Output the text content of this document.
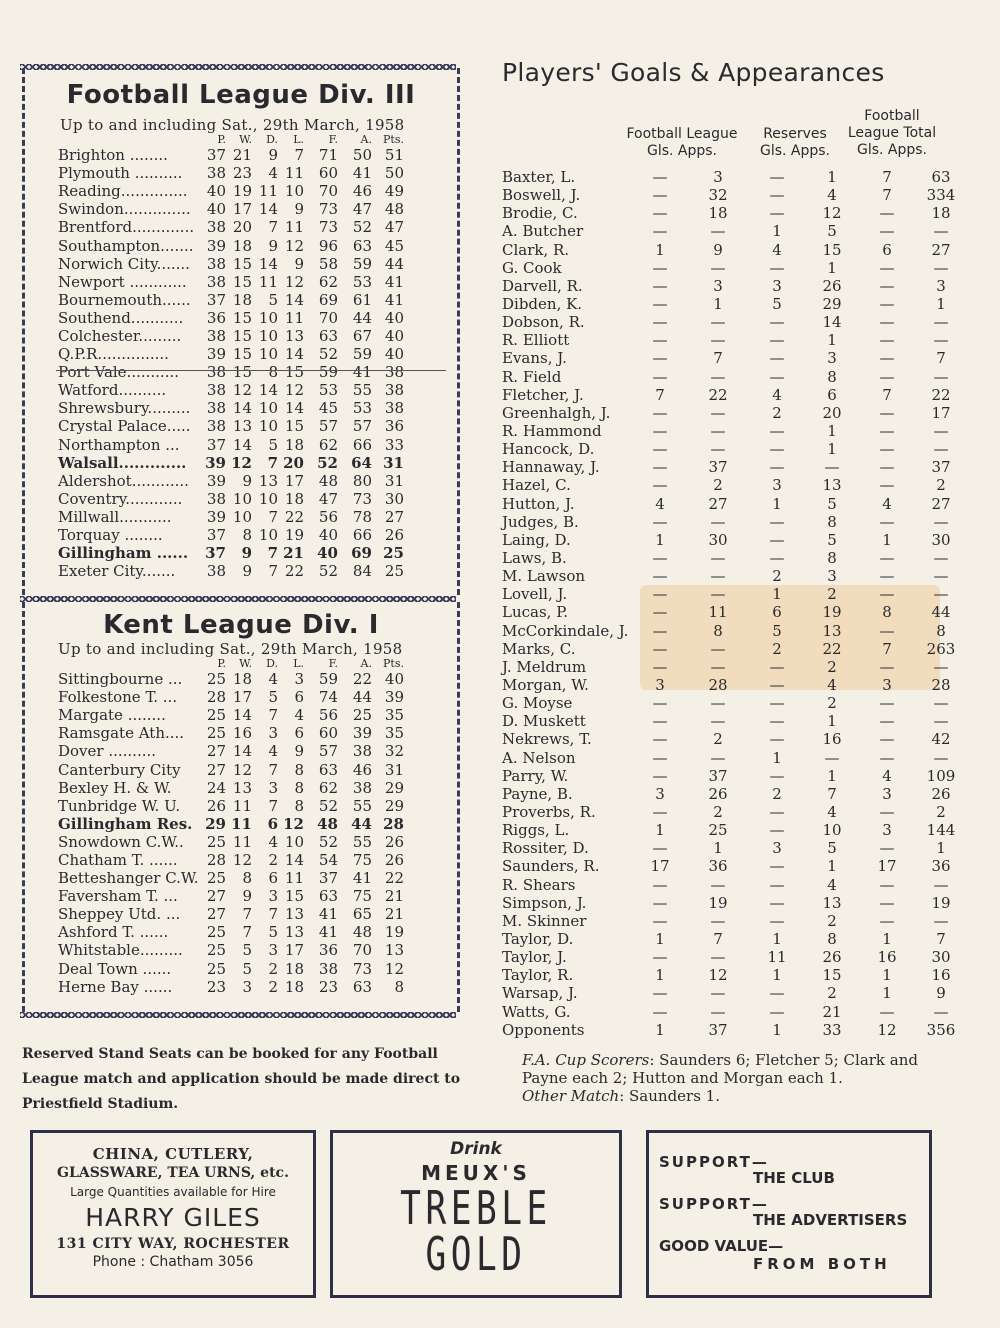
Football League Div. III
Up to and including Sat., 29th March, 1958
P.	W.	D.	L.	F.	A.	Pts.
Brighton ........	37	21	9	7	71	50	51
Plymouth ..........	38	23	4	11	60	41	50
Reading..............	40	19	11	10	70	46	49
Swindon..............	40	17	14	9	73	47	48
Brentford.............	38	20	7	11	73	52	47
Southampton.......	39	18	9	12	96	63	45
Norwich City.......	38	15	14	9	58	59	44
Newport ............	38	15	11	12	62	53	41
Bournemouth......	37	18	5	14	69	61	41
Southend...........	36	15	10	11	70	44	40
Colchester.........	38	15	10	13	63	67	40
Q.P.R...............	39	15	10	14	52	59	40
Port Vale...........	38	15	8	15	59	41	38
Watford..........	38	12	14	12	53	55	38
Shrewsbury.........	38	14	10	14	45	53	38
Crystal Palace.....	38	13	10	15	57	57	36
Northampton ...	37	14	5	18	62	66	33
Walsall.............	39	12	7	20	52	64	31
Aldershot............	39	9	13	17	48	80	31
Coventry............	38	10	10	18	47	73	30
Millwall...........	39	10	7	22	56	78	27
Torquay ........	37	8	10	19	40	66	26
Gillingham ......	37	9	7	21	40	69	25
Exeter City.......	38	9	7	22	52	84	25
Kent League Div. I
Up to and including Sat., 29th March, 1958
P.	W.	D.	L.	F.	A.	Pts.
Sittingbourne ...	25	18	4	3	59	22	40
Folkestone T. ...	28	17	5	6	74	44	39
Margate ........	25	14	7	4	56	25	35
Ramsgate Ath....	25	16	3	6	60	39	35
Dover ..........	27	14	4	9	57	38	32
Canterbury City	27	12	7	8	63	46	31
Bexley H. & W.	24	13	3	8	62	38	29
Tunbridge W. U.	26	11	7	8	52	55	29
Gillingham Res.	29	11	6	12	48	44	28
Snowdown C.W..	25	11	4	10	52	55	26
Chatham T. ......	28	12	2	14	54	75	26
Betteshanger C.W.	25	8	6	11	37	41	22
Faversham T. ...	27	9	3	15	63	75	21
Sheppey Utd. ...	27	7	7	13	41	65	21
Ashford T. ......	25	7	5	13	41	48	19
Whitstable.........	25	5	3	17	36	70	13
Deal Town ......	25	5	2	18	38	73	12
Herne Bay ......	23	3	2	18	23	63	8
Players' Goals & Appearances
Football League
Gls. Apps.
Reserves
Gls. Apps.
Football League Total
Gls. Apps.
Baxter, L.	—	3	—	1	7	63
Boswell, J.	—	32	—	4	7	334
Brodie, C.	—	18	—	12	—	18
A. Butcher	—	—	1	5	—	—
Clark, R.	1	9	4	15	6	27
G. Cook	—	—	—	1	—	—
Darvell, R.	—	3	3	26	—	3
Dibden, K.	—	1	5	29	—	1
Dobson, R.	—	—	—	14	—	—
R. Elliott	—	—	—	1	—	—
Evans, J.	—	7	—	3	—	7
R. Field	—	—	—	8	—	—
Fletcher, J.	7	22	4	6	7	22
Greenhalgh, J.	—	—	2	20	—	17
R. Hammond	—	—	—	1	—	—
Hancock, D.	—	—	—	1	—	—
Hannaway, J.	—	37	—	—	—	37
Hazel, C.	—	2	3	13	—	2
Hutton, J.	4	27	1	5	4	27
Judges, B.	—	—	—	8	—	—
Laing, D.	1	30	—	5	1	30
Laws, B.	—	—	—	8	—	—
M. Lawson	—	—	2	3	—	—
Lovell, J.	—	—	1	2	—	—
Lucas, P.	—	11	6	19	8	44
McCorkindale, J.	—	8	5	13	—	8
Marks, C.	—	—	2	22	7	263
J. Meldrum	—	—	—	2	—	—
Morgan, W.	3	28	—	4	3	28
G. Moyse	—	—	—	2	—	—
D. Muskett	—	—	—	1	—	—
Nekrews, T.	—	2	—	16	—	42
A. Nelson	—	—	1	—	—	—
Parry, W.	—	37	—	1	4	109
Payne, B.	3	26	2	7	3	26
Proverbs, R.	—	2	—	4	—	2
Riggs, L.	1	25	—	10	3	144
Rossiter, D.	—	1	3	5	—	1
Saunders, R.	17	36	—	1	17	36
R. Shears	—	—	—	4	—	—
Simpson, J.	—	19	—	13	—	19
M. Skinner	—	—	—	2	—	—
Taylor, D.	1	7	1	8	1	7
Taylor, J.	—	—	11	26	16	30
Taylor, R.	1	12	1	15	1	16
Warsap, J.	—	—	—	2	1	9
Watts, G.	—	—	—	21	—	—
Opponents	1	37	1	33	12	356
F.A. Cup Scorers: Saunders 6; Fletcher 5; Clark and Payne each 2; Hutton and Morgan each 1.
Other Match: Saunders 1.
Reserved Stand Seats can be booked for any Football League match and application should be made direct to Priestfield Stadium.
CHINA, CUTLERY,
GLASSWARE, TEA URNS, etc.
Large Quantities available for Hire
HARRY GILES
131 CITY WAY, ROCHESTER
Phone : Chatham 3056
Drink
MEUX'S
TREBLE
GOLD
SUPPORT—
THE CLUB
SUPPORT—
THE ADVERTISERS
GOOD VALUE—
FROM BOTH
